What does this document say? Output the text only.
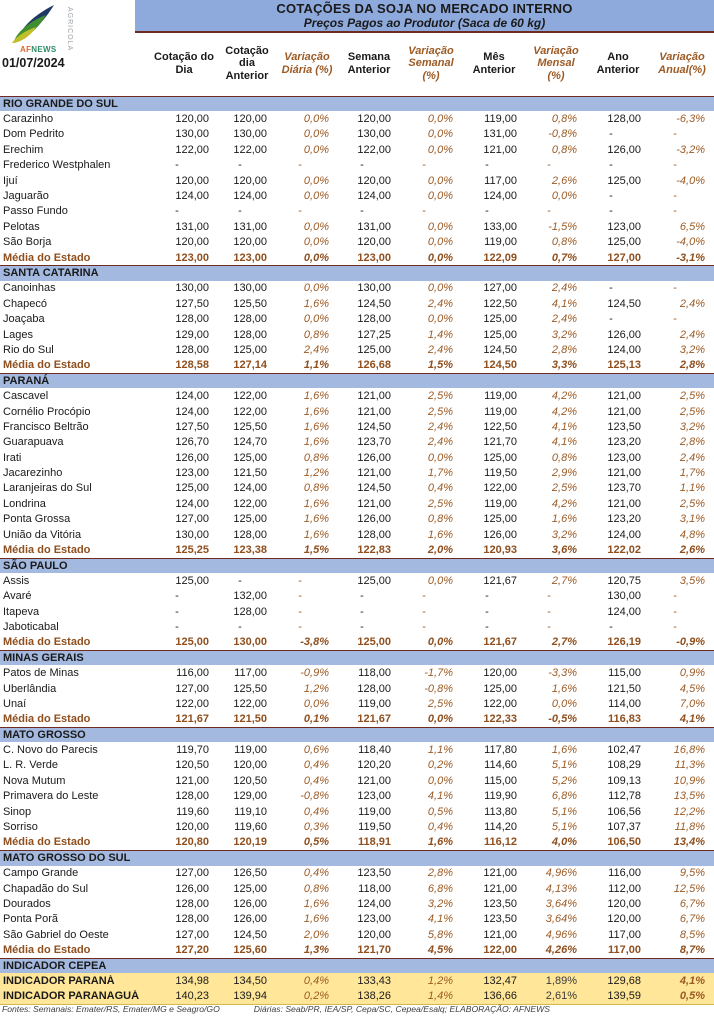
AGRICOLA
AFNEWS
COTAÇÕES DA SOJA NO MERCADO INTERNO
Preços Pagos ao Produtor (Saca de 60 kg)
Cotação do Dia
Cotação dia Anterior
Variação Diária (%)
Semana Anterior
Variação Semanal (%)
Mês Anterior
Variação Mensal (%)
Ano Anterior
Variação Anual(%)
01/07/2024
RIO GRANDE DO SUL
Carazinho	120,00	120,00	0,0%	120,00	0,0%	119,00	0,8%	128,00	-6,3%
Dom Pedrito	130,00	130,00	0,0%	130,00	0,0%	131,00	-0,8%	-	-
Erechim	122,00	122,00	0,0%	122,00	0,0%	121,00	0,8%	126,00	-3,2%
Frederico Westphalen	-	-	-	-	-	-	-	-	-
Ijuí	120,00	120,00	0,0%	120,00	0,0%	117,00	2,6%	125,00	-4,0%
Jaguarão	124,00	124,00	0,0%	124,00	0,0%	124,00	0,0%	-	-
Passo Fundo	-	-	-	-	-	-	-	-	-
Pelotas	131,00	131,00	0,0%	131,00	0,0%	133,00	-1,5%	123,00	6,5%
São Borja	120,00	120,00	0,0%	120,00	0,0%	119,00	0,8%	125,00	-4,0%
Média do Estado	123,00	123,00	0,0%	123,00	0,0%	122,09	0,7%	127,00	-3,1%
SANTA CATARINA
Canoinhas	130,00	130,00	0,0%	130,00	0,0%	127,00	2,4%	-	-
Chapecó	127,50	125,50	1,6%	124,50	2,4%	122,50	4,1%	124,50	2,4%
Joaçaba	128,00	128,00	0,0%	128,00	0,0%	125,00	2,4%	-	-
Lages	129,00	128,00	0,8%	127,25	1,4%	125,00	3,2%	126,00	2,4%
Rio do Sul	128,00	125,00	2,4%	125,00	2,4%	124,50	2,8%	124,00	3,2%
Média do Estado	128,58	127,14	1,1%	126,68	1,5%	124,50	3,3%	125,13	2,8%
PARANÁ
Cascavel	124,00	122,00	1,6%	121,00	2,5%	119,00	4,2%	121,00	2,5%
Cornélio Procópio	124,00	122,00	1,6%	121,00	2,5%	119,00	4,2%	121,00	2,5%
Francisco Beltrão	127,50	125,50	1,6%	124,50	2,4%	122,50	4,1%	123,50	3,2%
Guarapuava	126,70	124,70	1,6%	123,70	2,4%	121,70	4,1%	123,20	2,8%
Irati	126,00	125,00	0,8%	126,00	0,0%	125,00	0,8%	123,00	2,4%
Jacarezinho	123,00	121,50	1,2%	121,00	1,7%	119,50	2,9%	121,00	1,7%
Laranjeiras do Sul	125,00	124,00	0,8%	124,50	0,4%	122,00	2,5%	123,70	1,1%
Londrina	124,00	122,00	1,6%	121,00	2,5%	119,00	4,2%	121,00	2,5%
Ponta Grossa	127,00	125,00	1,6%	126,00	0,8%	125,00	1,6%	123,20	3,1%
União da Vitória	130,00	128,00	1,6%	128,00	1,6%	126,00	3,2%	124,00	4,8%
Média do Estado	125,25	123,38	1,5%	122,83	2,0%	120,93	3,6%	122,02	2,6%
SÃO PAULO
Assis	125,00	-	-	125,00	0,0%	121,67	2,7%	120,75	3,5%
Avaré	-	132,00	-	-	-	-	-	130,00	-
Itapeva	-	128,00	-	-	-	-	-	124,00	-
Jaboticabal	-	-	-	-	-	-	-	-	-
Média do Estado	125,00	130,00	-3,8%	125,00	0,0%	121,67	2,7%	126,19	-0,9%
MINAS GERAIS
Patos de Minas	116,00	117,00	-0,9%	118,00	-1,7%	120,00	-3,3%	115,00	0,9%
Uberlândia	127,00	125,50	1,2%	128,00	-0,8%	125,00	1,6%	121,50	4,5%
Unaí	122,00	122,00	0,0%	119,00	2,5%	122,00	0,0%	114,00	7,0%
Média do Estado	121,67	121,50	0,1%	121,67	0,0%	122,33	-0,5%	116,83	4,1%
MATO GROSSO
C. Novo do Parecis	119,70	119,00	0,6%	118,40	1,1%	117,80	1,6%	102,47	16,8%
L. R. Verde	120,50	120,00	0,4%	120,20	0,2%	114,60	5,1%	108,29	11,3%
Nova Mutum	121,00	120,50	0,4%	121,00	0,0%	115,00	5,2%	109,13	10,9%
Primavera do Leste	128,00	129,00	-0,8%	123,00	4,1%	119,90	6,8%	112,78	13,5%
Sinop	119,60	119,10	0,4%	119,00	0,5%	113,80	5,1%	106,56	12,2%
Sorriso	120,00	119,60	0,3%	119,50	0,4%	114,20	5,1%	107,37	11,8%
Média do Estado	120,80	120,19	0,5%	118,91	1,6%	116,12	4,0%	106,50	13,4%
MATO GROSSO DO SUL
Campo Grande	127,00	126,50	0,4%	123,50	2,8%	121,00	4,96%	116,00	9,5%
Chapadão do Sul	126,00	125,00	0,8%	118,00	6,8%	121,00	4,13%	112,00	12,5%
Dourados	128,00	126,00	1,6%	124,00	3,2%	123,50	3,64%	120,00	6,7%
Ponta Porã	128,00	126,00	1,6%	123,00	4,1%	123,50	3,64%	120,00	6,7%
São Gabriel do Oeste	127,00	124,50	2,0%	120,00	5,8%	121,00	4,96%	117,00	8,5%
Média do Estado	127,20	125,60	1,3%	121,70	4,5%	122,00	4,26%	117,00	8,7%
INDICADOR CEPEA
INDICADOR PARANÁ	134,98	134,50	0,4%	133,43	1,2%	132,47	1,89%	129,68	4,1%
INDICADOR PARANAGUÁ	140,23	139,94	0,2%	138,26	1,4%	136,66	2,61%	139,59	0,5%
Fontes: Semanais: Emater/RS, Emater/MG e Seagro/GO	Diárias: Seab/PR, IEA/SP, Cepa/SC, Cepea/Esalq; ELABORAÇÃO: AFNEWS
